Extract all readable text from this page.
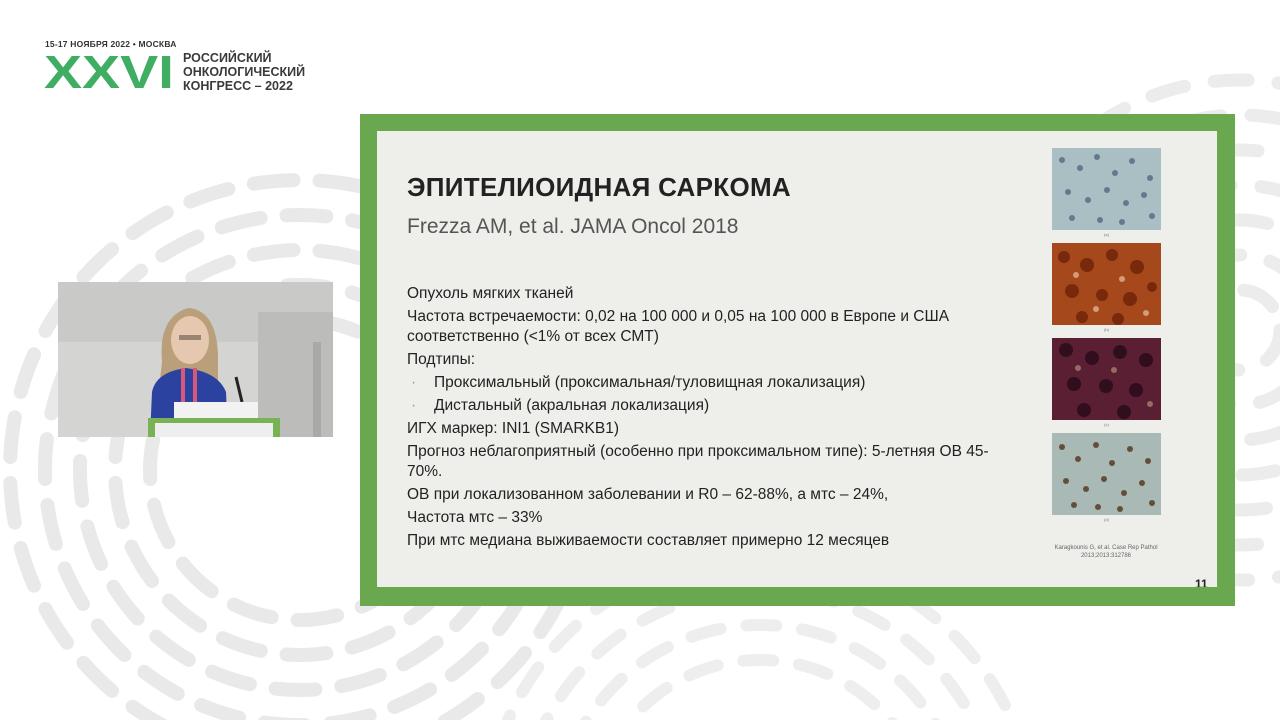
15-17 НОЯБРЯ 2022 • МОСКВА
XXVI РОССИЙСКИЙ
ОНКОЛОГИЧЕСКИЙ
КОНГРЕСС – 2022
ЭПИТЕЛИОИДНАЯ САРКОМА
Frezza AM, et al. JAMA Oncol 2018
Опухоль мягких тканей
Частота встречаемости: 0,02 на 100 000 и 0,05 на 100 000 в Европе и США соответственно (<1% от всех СМТ)
Подтипы:
· Проксимальный (проксимальная/туловищная локализация)
· Дистальный (акральная локализация)
ИГХ маркер: INI1 (SMARKB1)
Прогноз неблагоприятный (особенно при проксимальном типе): 5-летняя ОВ 45-70%.
ОВ при локализованном заболевании и R0 – 62-88%, а мтс – 24%,
Частота мтс – 33%
При мтс медиана выживаемости составляет примерно 12 месяцев
(a)
(b)
(c)
(d)
Karagkounis G, et al. Case Rep Pathol 2013;2013:312786
11
